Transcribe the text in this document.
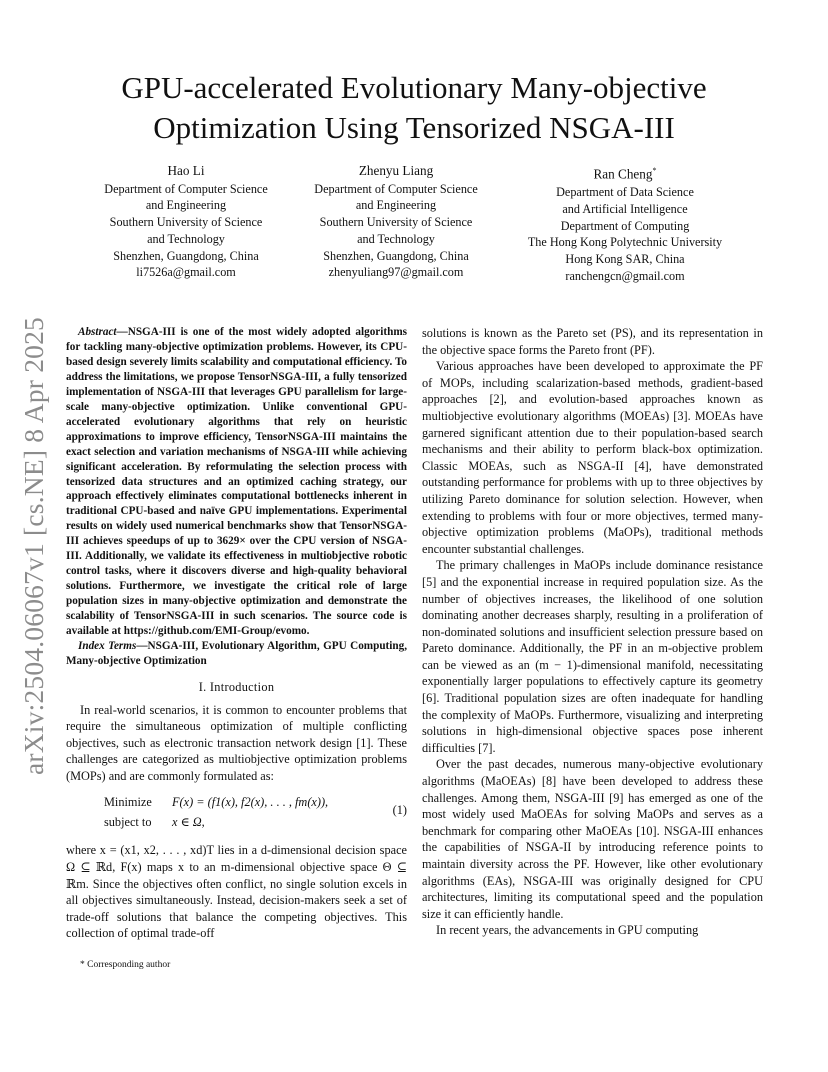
arXiv:2504.06067v1 [cs.NE] 8 Apr 2025
GPU-accelerated Evolutionary Many-objective
Optimization Using Tensorized NSGA-III
Hao Li
Department of Computer Science
and Engineering
Southern University of Science
and Technology
Shenzhen, Guangdong, China
li7526a@gmail.com
Zhenyu Liang
Department of Computer Science
and Engineering
Southern University of Science
and Technology
Shenzhen, Guangdong, China
zhenyuliang97@gmail.com
Ran Cheng*
Department of Data Science
and Artificial Intelligence
Department of Computing
The Hong Kong Polytechnic University
Hong Kong SAR, China
ranchengcn@gmail.com

Abstract—NSGA-III is one of the most widely adopted algorithms for tackling many-objective optimization problems. However, its CPU-based design severely limits scalability and computational efficiency. To address the limitations, we propose TensorNSGA-III, a fully tensorized implementation of NSGA-III that leverages GPU parallelism for large-scale many-objective optimization. Unlike conventional GPU-accelerated evolutionary algorithms that rely on heuristic approximations to improve efficiency, TensorNSGA-III maintains the exact selection and variation mechanisms of NSGA-III while achieving significant acceleration. By reformulating the selection process with tensorized data structures and an optimized caching strategy, our approach effectively eliminates computational bottlenecks inherent in traditional CPU-based and naïve GPU implementations. Experimental results on widely used numerical benchmarks show that TensorNSGA-III achieves speedups of up to 3629× over the CPU version of NSGA-III. Additionally, we validate its effectiveness in multiobjective robotic control tasks, where it discovers diverse and high-quality behavioral solutions. Furthermore, we investigate the critical role of large population sizes in many-objective optimization and demonstrate the scalability of TensorNSGA-III in such scenarios. The source code is available at https://github.com/EMI-Group/evomo.

Index Terms—NSGA-III, Evolutionary Algorithm, GPU Computing, Many-objective Optimization

I. Introduction

In real-world scenarios, it is common to encounter problems that require the simultaneous optimization of multiple conflicting objectives, such as electronic transaction network design [1]. These challenges are categorized as multiobjective optimization problems (MOPs) and are commonly formulated as:

Minimize
subject to
F(x) = (f1(x), f2(x), . . . , fm(x)),
x ∈ Ω,
(1)

where x = (x1, x2, . . . , xd)T lies in a d-dimensional decision space Ω ⊆ ℝd, F(x) maps x to an m-dimensional objective space Θ ⊆ ℝm. Since the objectives often conflict, no single solution excels in all objectives simultaneously. Instead, decision-makers seek a set of trade-off solutions that balance the competing objectives. This collection of optimal trade-off

* Corresponding author

solutions is known as the Pareto set (PS), and its representation in the objective space forms the Pareto front (PF).

Various approaches have been developed to approximate the PF of MOPs, including scalarization-based methods, gradient-based approaches [2], and evolution-based approaches known as multiobjective evolutionary algorithms (MOEAs) [3]. MOEAs have garnered significant attention due to their population-based search mechanisms and their ability to perform black-box optimization. Classic MOEAs, such as NSGA-II [4], have demonstrated outstanding performance for problems with up to three objectives by utilizing Pareto dominance for solution selection. However, when extending to problems with four or more objectives, termed many-objective optimization problems (MaOPs), traditional methods encounter substantial challenges.

The primary challenges in MaOPs include dominance resistance [5] and the exponential increase in required population size. As the number of objectives increases, the likelihood of one solution dominating another decreases sharply, resulting in a proliferation of non-dominated solutions and insufficient selection pressure based on Pareto dominance. Additionally, the PF in an m-objective problem can be viewed as an (m − 1)-dimensional manifold, necessitating exponentially larger populations to effectively capture its geometry [6]. Traditional population sizes are often inadequate for handling the complexity of MaOPs. Furthermore, visualizing and interpreting solutions in high-dimensional objective spaces pose inherent difficulties [7].

Over the past decades, numerous many-objective evolutionary algorithms (MaOEAs) [8] have been developed to address these challenges. Among them, NSGA-III [9] has emerged as one of the most widely used MaOEAs for solving MaOPs and serves as a benchmark for comparing other MaOEAs [10]. NSGA-III enhances the capabilities of NSGA-II by introducing reference points to maintain diversity across the PF. However, like other evolutionary algorithms (EAs), NSGA-III was originally designed for CPU architectures, limiting its computational speed and the population size it can efficiently handle.

In recent years, the advancements in GPU computing
